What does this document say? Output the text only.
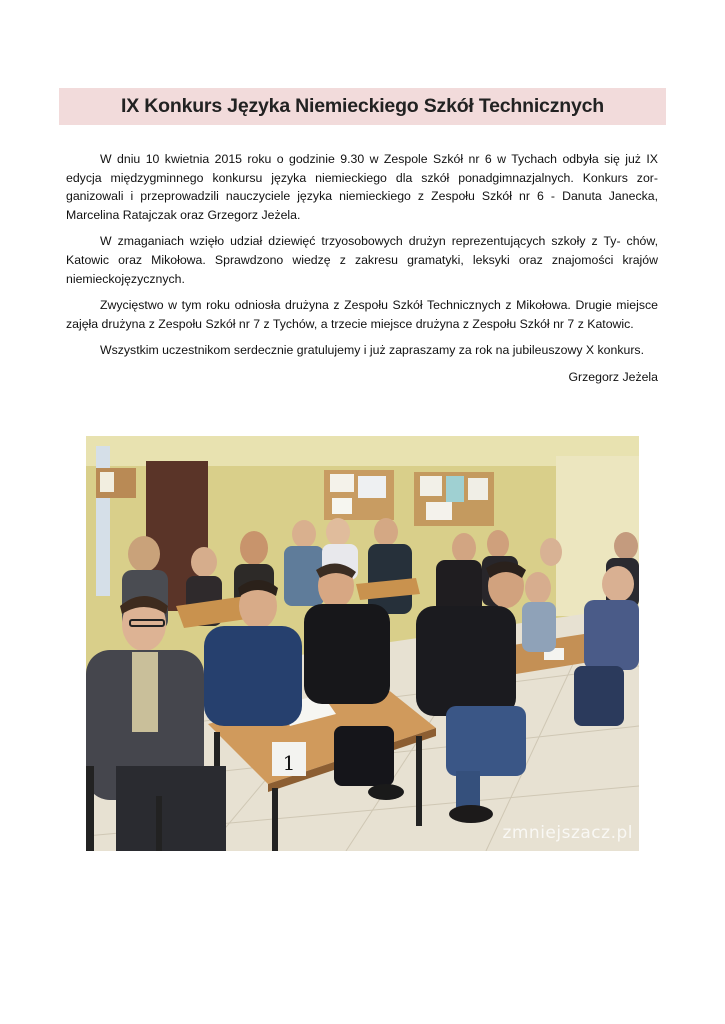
IX Konkurs Języka Niemieckiego Szkół Technicznych

W dniu 10 kwietnia 2015 roku o godzinie 9.30 w Zespole Szkół nr 6 w Tychach odbyła się już IX edycja międzygminnego konkursu języka niemieckiego dla szkół ponadgimnazjalnych. Konkurs zor- ganizowali i przeprowadzili nauczyciele języka niemieckiego z Zespołu Szkół nr 6 - Danuta Janecka, Marcelina Ratajczak oraz Grzegorz Jeżela.

W zmaganiach wzięło udział dziewięć trzyosobowych drużyn reprezentujących szkoły z Ty- chów, Katowic oraz Mikołowa. Sprawdzono wiedzę z zakresu gramatyki, leksyki oraz znajomości krajów niemieckojęzycznych.

Zwycięstwo w tym roku odniosła drużyna z Zespołu Szkół Technicznych z Mikołowa. Drugie miejsce zajęła drużyna z Zespołu Szkół nr 7 z Tychów, a trzecie miejsce drużyna z Zespołu Szkół nr 7 z Katowic.

Wszystkim uczestnikom serdecznie gratulujemy i już zapraszamy za rok na jubileuszowy X konkurs.

Grzegorz Jeżela

1
zmniejszacz.pl
